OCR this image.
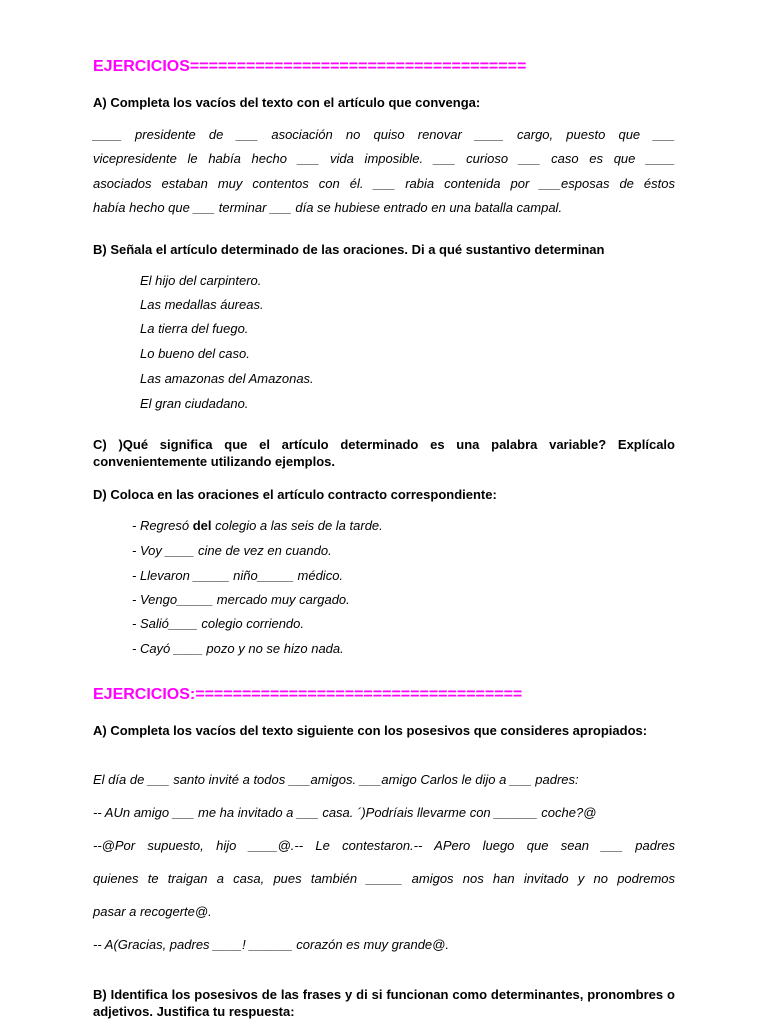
EJERCICIOS====================================
A) Completa los vacíos del texto con el artículo que convenga:
____ presidente de ___ asociación no quiso renovar ____ cargo, puesto que ___
vicepresidente le había hecho ___ vida imposible. ___ curioso ___ caso es que ____
asociados estaban muy contentos con él. ___ rabia contenida por ___esposas de éstos
había hecho que ___ terminar ___ día se hubiese entrado en una batalla campal.
B) Señala el artículo determinado de las oraciones. Di a qué sustantivo determinan
El hijo del carpintero.
Las medallas áureas.
La tierra del fuego.
Lo bueno del caso.
Las amazonas del Amazonas.
El gran ciudadano.
C) )Qué significa que el artículo determinado es una palabra variable? Explícalo convenientemente utilizando ejemplos.
D) Coloca en las oraciones el artículo contracto correspondiente:
- Regresó del colegio a las seis de la tarde.
- Voy ____ cine de vez en cuando.
- Llevaron _____ niño_____ médico.
- Vengo_____ mercado muy cargado.
- Salió____ colegio corriendo.
- Cayó ____ pozo y no se hizo nada.
EJERCICIOS:===================================
A) Completa los vacíos del texto siguiente con los posesivos que consideres apropiados:
El día de ___ santo invité a todos ___amigos. ___amigo Carlos le dijo a ___ padres:
-- AUn amigo ___ me ha invitado a ___ casa. ´)Podríais llevarme con ______ coche?@
--@Por supuesto, hijo ____@.-- Le contestaron.-- APero luego que sean ___ padres
quienes te traigan a casa, pues también _____ amigos nos han invitado y no podremos
pasar a recogerte@.
-- A(Gracias, padres ____! ______ corazón es muy grande@.
B) Identifica los posesivos de las frases y di si funcionan como determinantes, pronombres o adjetivos. Justifica tu respuesta:
